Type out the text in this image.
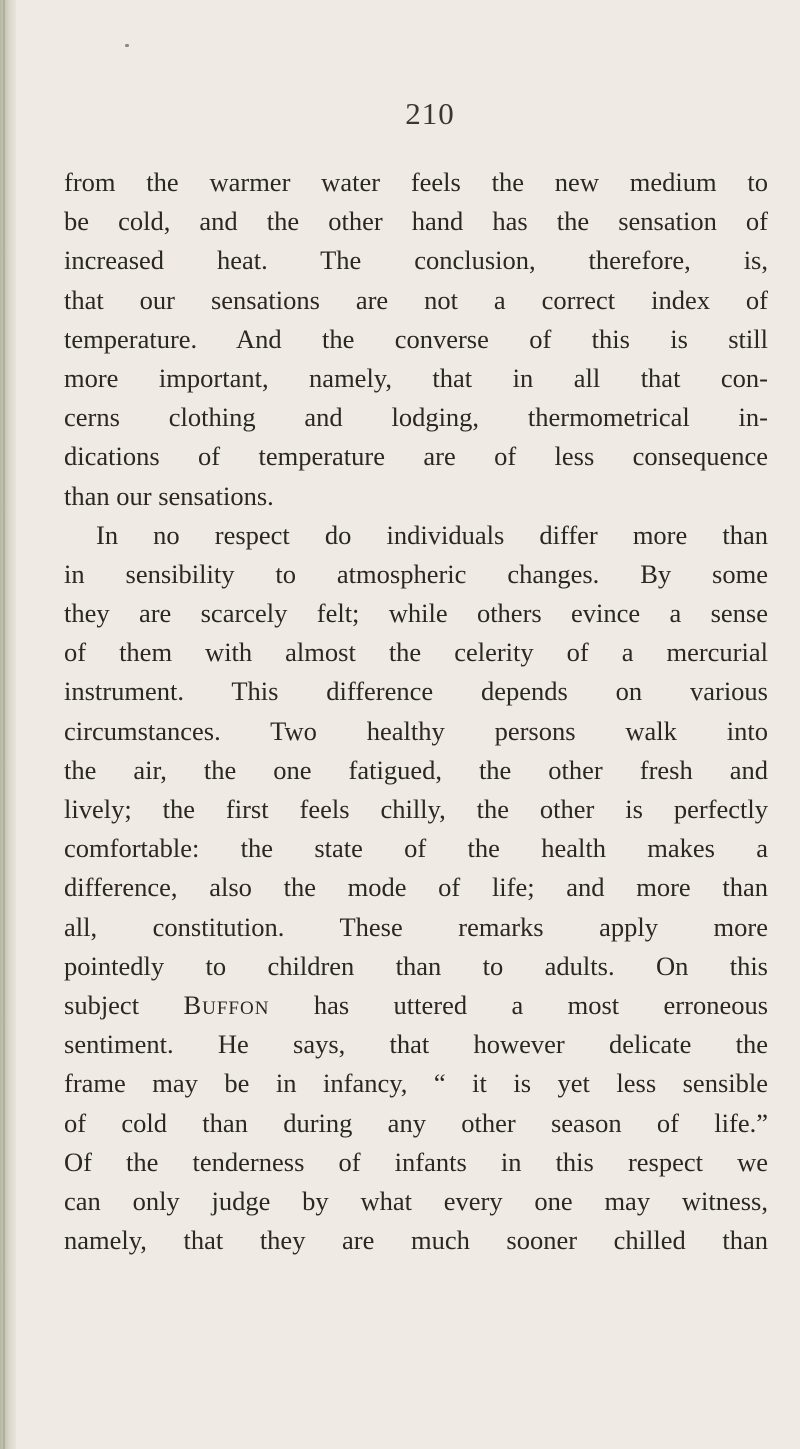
210
from the warmer water feels the new medium to
be cold, and the other hand has the sensation of
increased heat. The conclusion, therefore, is,
that our sensations are not a correct index of
temperature. And the converse of this is still
more important, namely, that in all that con-
cerns clothing and lodging, thermometrical in-
dications of temperature are of less consequence
than our sensations.
In no respect do individuals differ more than
in sensibility to atmospheric changes. By some
they are scarcely felt; while others evince a sense
of them with almost the celerity of a mercurial
instrument. This difference depends on various
circumstances. Two healthy persons walk into
the air, the one fatigued, the other fresh and
lively; the first feels chilly, the other is perfectly
comfortable: the state of the health makes a
difference, also the mode of life; and more than
all, constitution. These remarks apply more
pointedly to children than to adults. On this
subject Buffon has uttered a most erroneous
sentiment. He says, that however delicate the
frame may be in infancy, “ it is yet less sensible
of cold than during any other season of life.”
Of the tenderness of infants in this respect we
can only judge by what every one may witness,
namely, that they are much sooner chilled than
